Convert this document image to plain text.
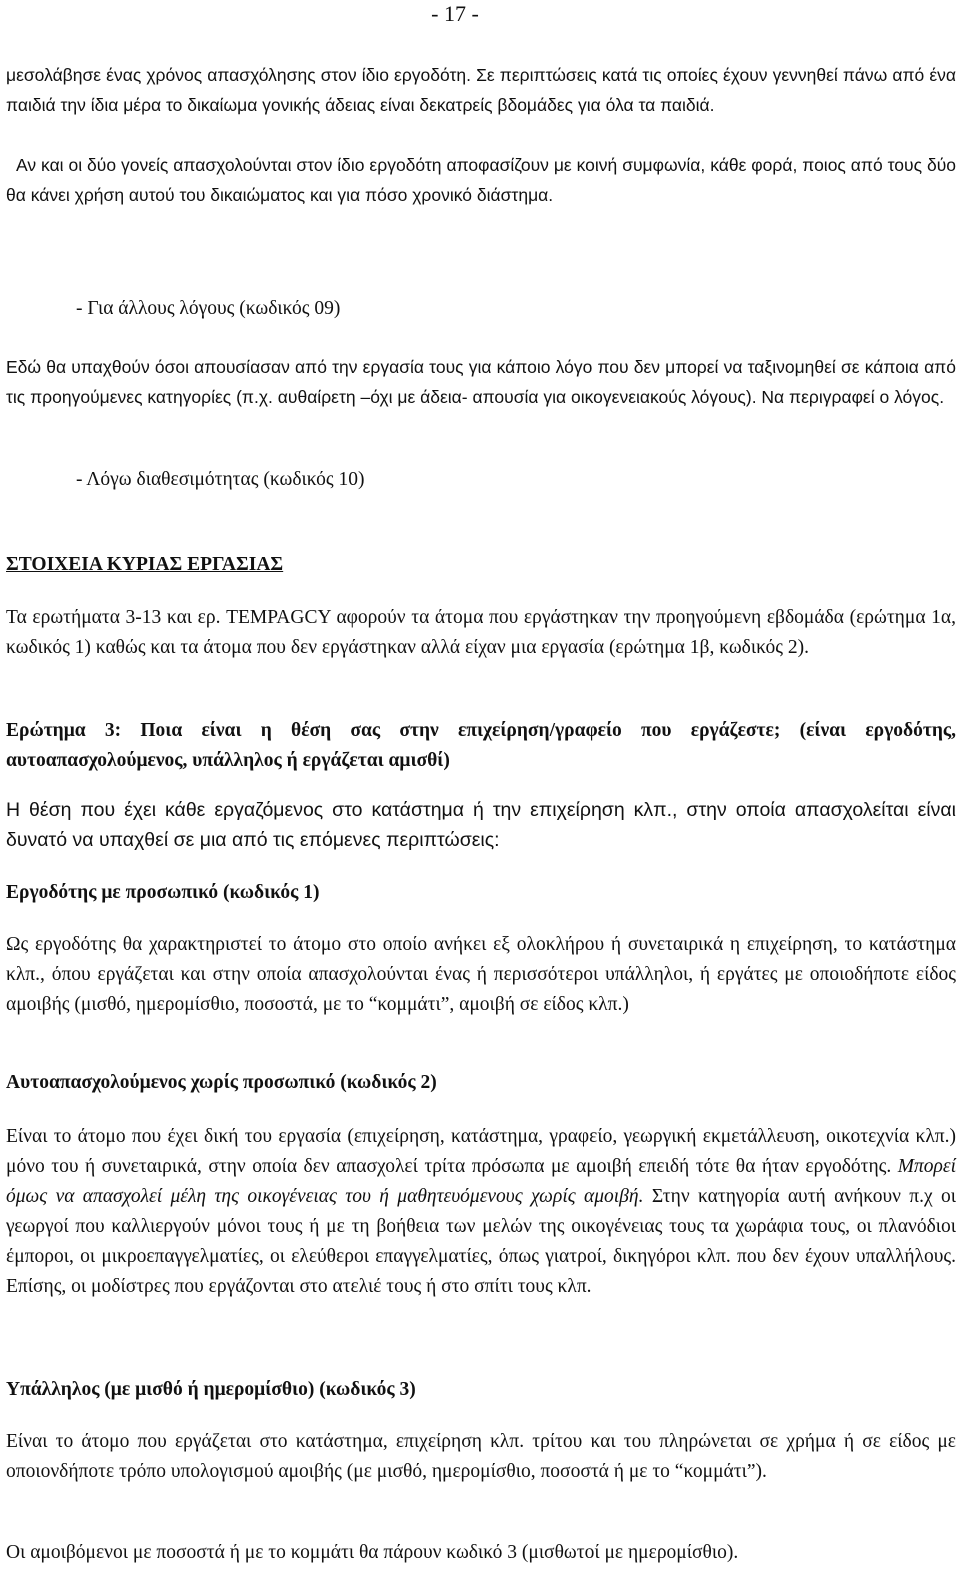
- 17 -
μεσολάβησε ένας χρόνος απασχόλησης στον ίδιο εργοδότη. Σε περιπτώσεις κατά τις οποίες έχουν γεννηθεί πάνω από ένα παιδιά την ίδια μέρα το δικαίωμα γονικής άδειας είναι δεκατρείς βδομάδες για όλα τα παιδιά.
Αν και οι δύο γονείς απασχολούνται στον ίδιο εργοδότη αποφασίζουν με κοινή συμφωνία, κάθε φορά, ποιος από τους δύο θα κάνει χρήση αυτού του δικαιώματος και για πόσο χρονικό διάστημα.
- Για άλλους λόγους (κωδικός 09)
Εδώ θα υπαχθούν όσοι απουσίασαν από την εργασία τους για κάποιο λόγο που δεν μπορεί να ταξινομηθεί σε κάποια από τις προηγούμενες κατηγορίες (π.χ. αυθαίρετη –όχι με άδεια- απουσία για οικογενειακούς λόγους). Να περιγραφεί ο λόγος.
- Λόγω διαθεσιμότητας (κωδικός 10)
ΣΤΟΙΧΕΙΑ ΚΥΡΙΑΣ ΕΡΓΑΣΙΑΣ
Τα ερωτήματα 3-13 και ερ. TEMPAGCY αφορούν τα άτομα που εργάστηκαν την προηγούμενη εβδομάδα (ερώτημα 1α, κωδικός 1) καθώς και τα άτομα που δεν εργάστηκαν αλλά είχαν μια εργασία (ερώτημα 1β, κωδικός 2).
Ερώτημα 3: Ποια είναι η θέση σας στην επιχείρηση/γραφείο που εργάζεστε; (είναι εργοδότης, αυτοαπασχολούμενος, υπάλληλος ή εργάζεται αμισθί)
Η θέση που έχει κάθε εργαζόμενος στο κατάστημα ή την επιχείρηση κλπ., στην οποία απασχολείται είναι δυνατό να υπαχθεί σε μια από τις επόμενες περιπτώσεις:
Εργοδότης με προσωπικό (κωδικός 1)
Ως εργοδότης θα χαρακτηριστεί το άτομο στο οποίο ανήκει εξ ολοκλήρου ή συνεταιρικά η επιχείρηση, το κατάστημα κλπ., όπου εργάζεται και στην οποία απασχολούνται ένας ή περισσότεροι υπάλληλοι, ή εργάτες με οποιοδήποτε είδος αμοιβής (μισθό, ημερομίσθιο, ποσοστά, με το “κομμάτι”, αμοιβή σε είδος κλπ.)
Αυτοαπασχολούμενος χωρίς προσωπικό (κωδικός 2)
Είναι το άτομο που έχει δική του εργασία (επιχείρηση, κατάστημα, γραφείο, γεωργική εκμετάλλευση, οικοτεχνία κλπ.) μόνο του ή συνεταιρικά, στην οποία δεν απασχολεί τρίτα πρόσωπα με αμοιβή επειδή τότε θα ήταν εργοδότης. Μπορεί όμως να απασχολεί μέλη της οικογένειας του ή μαθητευόμενους χωρίς αμοιβή. Στην κατηγορία αυτή ανήκουν π.χ οι γεωργοί που καλλιεργούν μόνοι τους ή με τη βοήθεια των μελών της οικογένειας τους τα χωράφια τους, οι πλανόδιοι έμποροι, οι μικροεπαγγελματίες, οι ελεύθεροι επαγγελματίες, όπως γιατροί, δικηγόροι κλπ. που δεν έχουν υπαλλήλους. Επίσης, οι μοδίστρες που εργάζονται στο ατελιέ τους ή στο σπίτι τους κλπ.
Υπάλληλος (με μισθό ή ημερομίσθιο) (κωδικός 3)
Είναι το άτομο που εργάζεται στο κατάστημα, επιχείρηση κλπ. τρίτου και του πληρώνεται σε χρήμα ή σε είδος με οποιονδήποτε τρόπο υπολογισμού αμοιβής (με μισθό, ημερομίσθιο, ποσοστά ή με το “κομμάτι”).
Οι αμοιβόμενοι με ποσοστά ή με το κομμάτι θα πάρουν κωδικό 3 (μισθωτοί με ημερομίσθιο).
